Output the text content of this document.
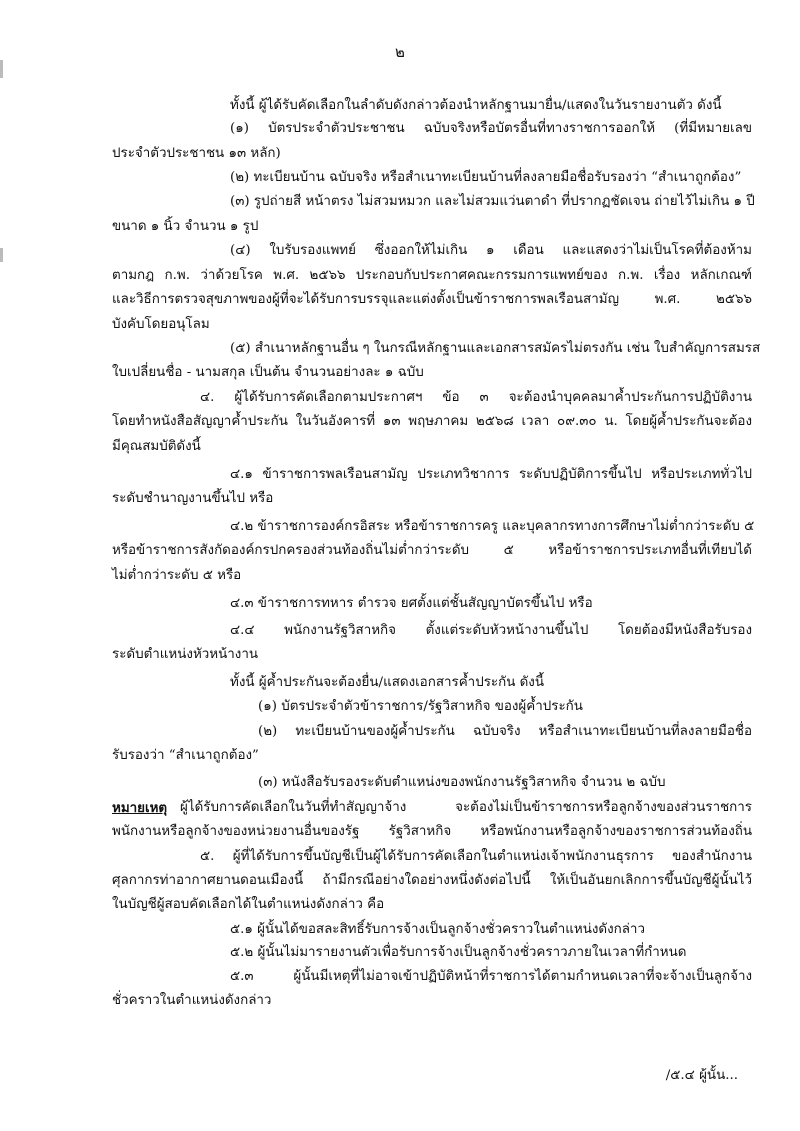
๒
ทั้งนี้ ผู้ได้รับคัดเลือกในลำดับดังกล่าวต้องนำหลักฐานมายื่น/แสดงในวันรายงานตัว ดังนี้
(๑) บัตรประจำตัวประชาชน ฉบับจริงหรือบัตรอื่นที่ทางราชการออกให้ (ที่มีหมายเลข
ประจำตัวประชาชน ๑๓ หลัก)
(๒) ทะเบียนบ้าน ฉบับจริง หรือสำเนาทะเบียนบ้านที่ลงลายมือชื่อรับรองว่า “สำเนาถูกต้อง”
(๓) รูปถ่ายสี หน้าตรง ไม่สวมหมวก และไม่สวมแว่นตาดำ ที่ปรากฏชัดเจน ถ่ายไว้ไม่เกิน ๑ ปี
ขนาด ๑ นิ้ว จำนวน ๑ รูป
(๔) ใบรับรองแพทย์ ซึ่งออกให้ไม่เกิน ๑ เดือน และแสดงว่าไม่เป็นโรคที่ต้องห้าม
ตามกฎ ก.พ. ว่าด้วยโรค พ.ศ. ๒๕๖๖ ประกอบกับประกาศคณะกรรมการแพทย์ของ ก.พ. เรื่อง หลักเกณฑ์
และวิธีการตรวจสุขภาพของผู้ที่จะได้รับการบรรจุและแต่งตั้งเป็นข้าราชการพลเรือนสามัญ พ.ศ. ๒๕๖๖
บังคับโดยอนุโลม
(๕) สำเนาหลักฐานอื่น ๆ ในกรณีหลักฐานและเอกสารสมัครไม่ตรงกัน เช่น ใบสำคัญการสมรส
ใบเปลี่ยนชื่อ - นามสกุล เป็นต้น จำนวนอย่างละ ๑ ฉบับ
๔. ผู้ได้รับการคัดเลือกตามประกาศฯ ข้อ ๓ จะต้องนำบุคคลมาค้ำประกันการปฏิบัติงาน
โดยทำหนังสือสัญญาค้ำประกัน ในวันอังคารที่ ๑๓ พฤษภาคม ๒๕๖๘ เวลา ๐๙.๓๐ น. โดยผู้ค้ำประกันจะต้อง
มีคุณสมบัติดังนี้
๔.๑ ข้าราชการพลเรือนสามัญ ประเภทวิชาการ ระดับปฏิบัติการขึ้นไป หรือประเภททั่วไป
ระดับชำนาญงานขึ้นไป หรือ
๔.๒ ข้าราชการองค์กรอิสระ หรือข้าราชการครู และบุคลากรทางการศึกษาไม่ต่ำกว่าระดับ ๕
หรือข้าราชการสังกัดองค์กรปกครองส่วนท้องถิ่นไม่ต่ำกว่าระดับ ๕ หรือข้าราชการประเภทอื่นที่เทียบได้
ไม่ต่ำกว่าระดับ ๕ หรือ
๔.๓ ข้าราชการทหาร ตำรวจ ยศตั้งแต่ชั้นสัญญาบัตรขึ้นไป หรือ
๔.๔ พนักงานรัฐวิสาหกิจ ตั้งแต่ระดับหัวหน้างานขึ้นไป โดยต้องมีหนังสือรับรอง
ระดับตำแหน่งหัวหน้างาน
ทั้งนี้ ผู้ค้ำประกันจะต้องยื่น/แสดงเอกสารค้ำประกัน ดังนี้
(๑) บัตรประจำตัวข้าราชการ/รัฐวิสาหกิจ ของผู้ค้ำประกัน
(๒) ทะเบียนบ้านของผู้ค้ำประกัน ฉบับจริง หรือสำเนาทะเบียนบ้านที่ลงลายมือชื่อ
รับรองว่า “สำเนาถูกต้อง”
(๓) หนังสือรับรองระดับตำแหน่งของพนักงานรัฐวิสาหกิจ จำนวน ๒ ฉบับ
หมายเหตุ ผู้ได้รับการคัดเลือกในวันที่ทำสัญญาจ้าง จะต้องไม่เป็นข้าราชการหรือลูกจ้างของส่วนราชการ
พนักงานหรือลูกจ้างของหน่วยงานอื่นของรัฐ รัฐวิสาหกิจ หรือพนักงานหรือลูกจ้างของราชการส่วนท้องถิ่น
๕. ผู้ที่ได้รับการขึ้นบัญชีเป็นผู้ได้รับการคัดเลือกในตำแหน่งเจ้าพนักงานธุรการ ของสำนักงาน
ศุลกากรท่าอากาศยานดอนเมืองนี้ ถ้ามีกรณีอย่างใดอย่างหนึ่งดังต่อไปนี้ ให้เป็นอันยกเลิกการขึ้นบัญชีผู้นั้นไว้
ในบัญชีผู้สอบคัดเลือกได้ในตำแหน่งดังกล่าว คือ
๕.๑ ผู้นั้นได้ขอสละสิทธิ์รับการจ้างเป็นลูกจ้างชั่วคราวในตำแหน่งดังกล่าว
๕.๒ ผู้นั้นไม่มารายงานตัวเพื่อรับการจ้างเป็นลูกจ้างชั่วคราวภายในเวลาที่กำหนด
๕.๓ ผู้นั้นมีเหตุที่ไม่อาจเข้าปฏิบัติหน้าที่ราชการได้ตามกำหนดเวลาที่จะจ้างเป็นลูกจ้าง
ชั่วคราวในตำแหน่งดังกล่าว
/๕.๔ ผู้นั้น...
